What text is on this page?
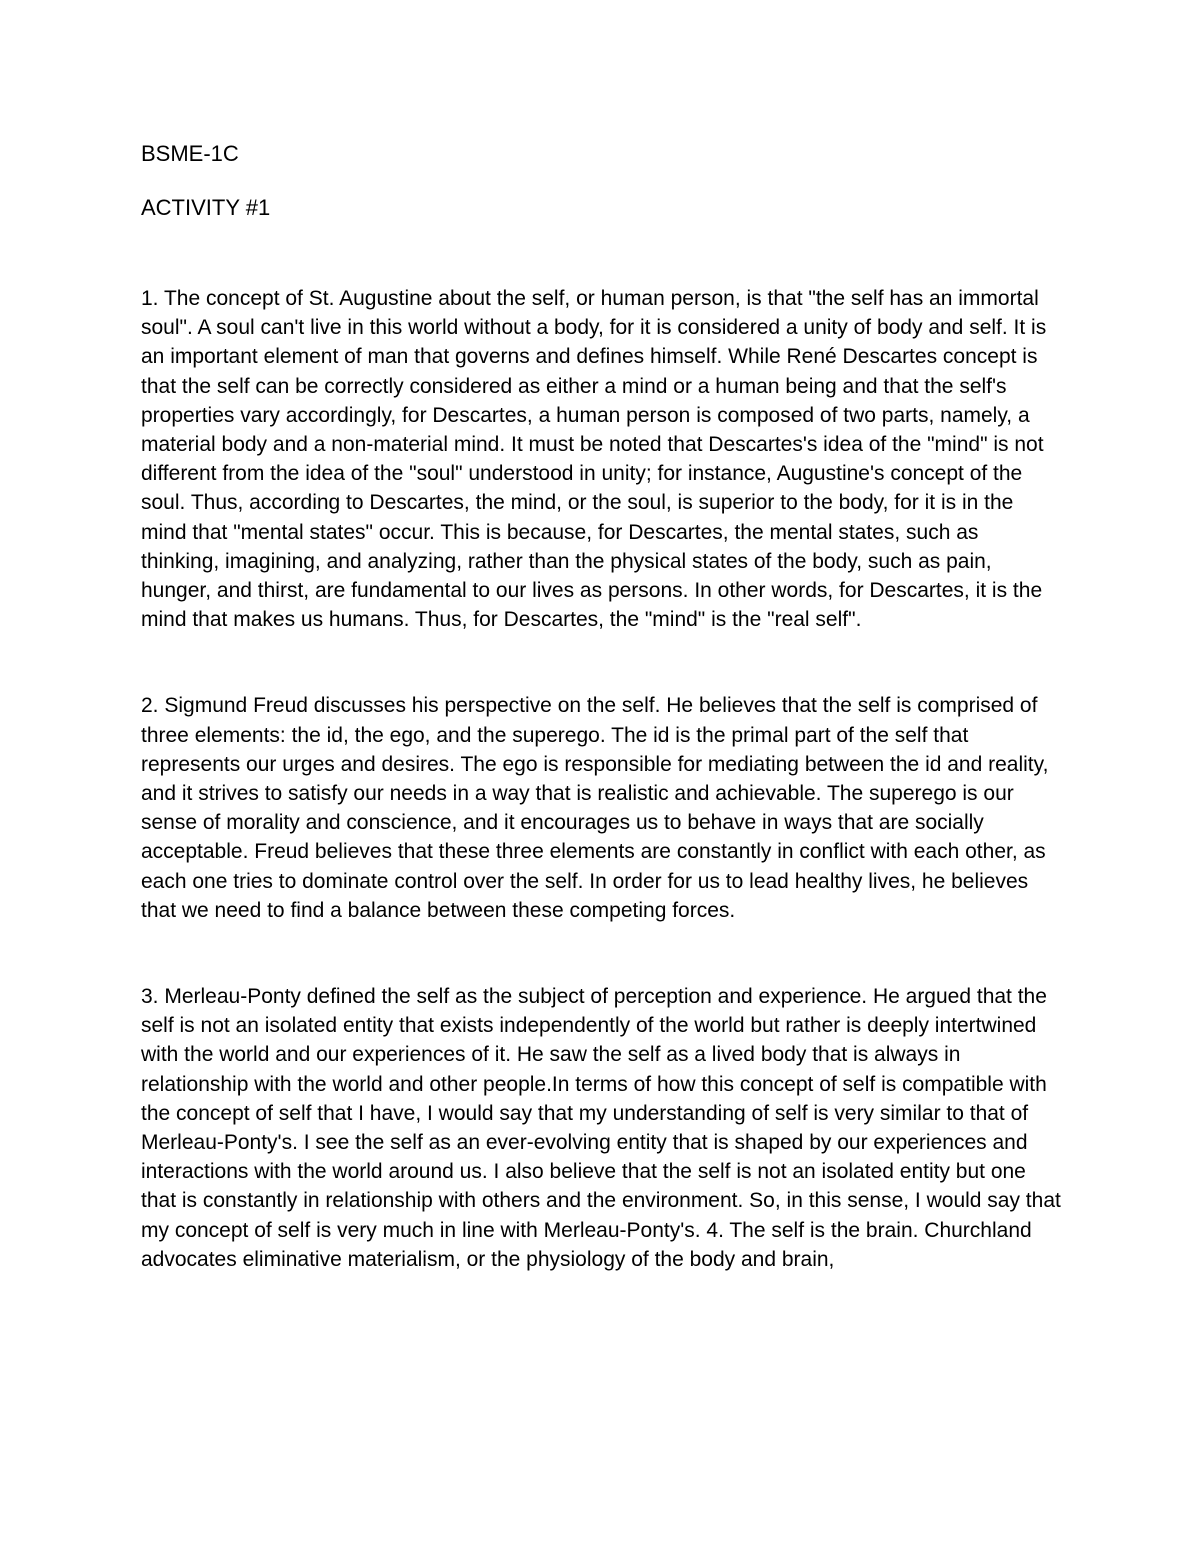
BSME-1C

ACTIVITY #1

1. The concept of St. Augustine about the self, or human person, is that "the self has an immortal soul". A soul can't live in this world without a body, for it is considered a unity of body and self. It is an important element of man that governs and defines himself. While René Descartes concept is that the self can be correctly considered as either a mind or a human being and that the self's properties vary accordingly, for Descartes, a human person is composed of two parts, namely, a material body and a non-material mind. It must be noted that Descartes's idea of the "mind" is not different from the idea of the "soul" understood in unity; for instance, Augustine's concept of the soul. Thus, according to Descartes, the mind, or the soul, is superior to the body, for it is in the mind that "mental states" occur. This is because, for Descartes, the mental states, such as thinking, imagining, and analyzing, rather than the physical states of the body, such as pain, hunger, and thirst, are fundamental to our lives as persons. In other words, for Descartes, it is the mind that makes us humans. Thus, for Descartes, the "mind" is the "real self".

2. Sigmund Freud discusses his perspective on the self. He believes that the self is comprised of three elements: the id, the ego, and the superego. The id is the primal part of the self that represents our urges and desires. The ego is responsible for mediating between the id and reality, and it strives to satisfy our needs in a way that is realistic and achievable. The superego is our sense of morality and conscience, and it encourages us to behave in ways that are socially acceptable. Freud believes that these three elements are constantly in conflict with each other, as each one tries to dominate control over the self. In order for us to lead healthy lives, he believes that we need to find a balance between these competing forces.

3. Merleau-Ponty defined the self as the subject of perception and experience. He argued that the self is not an isolated entity that exists independently of the world but rather is deeply intertwined with the world and our experiences of it. He saw the self as a lived body that is always in relationship with the world and other people.In terms of how this concept of self is compatible with the concept of self that I have, I would say that my understanding of self is very similar to that of Merleau-Ponty's. I see the self as an ever-evolving entity that is shaped by our experiences and interactions with the world around us. I also believe that the self is not an isolated entity but one that is constantly in relationship with others and the environment. So, in this sense, I would say that my concept of self is very much in line with Merleau-Ponty's. 4. The self is the brain. Churchland advocates eliminative materialism, or the physiology of the body and brain,
